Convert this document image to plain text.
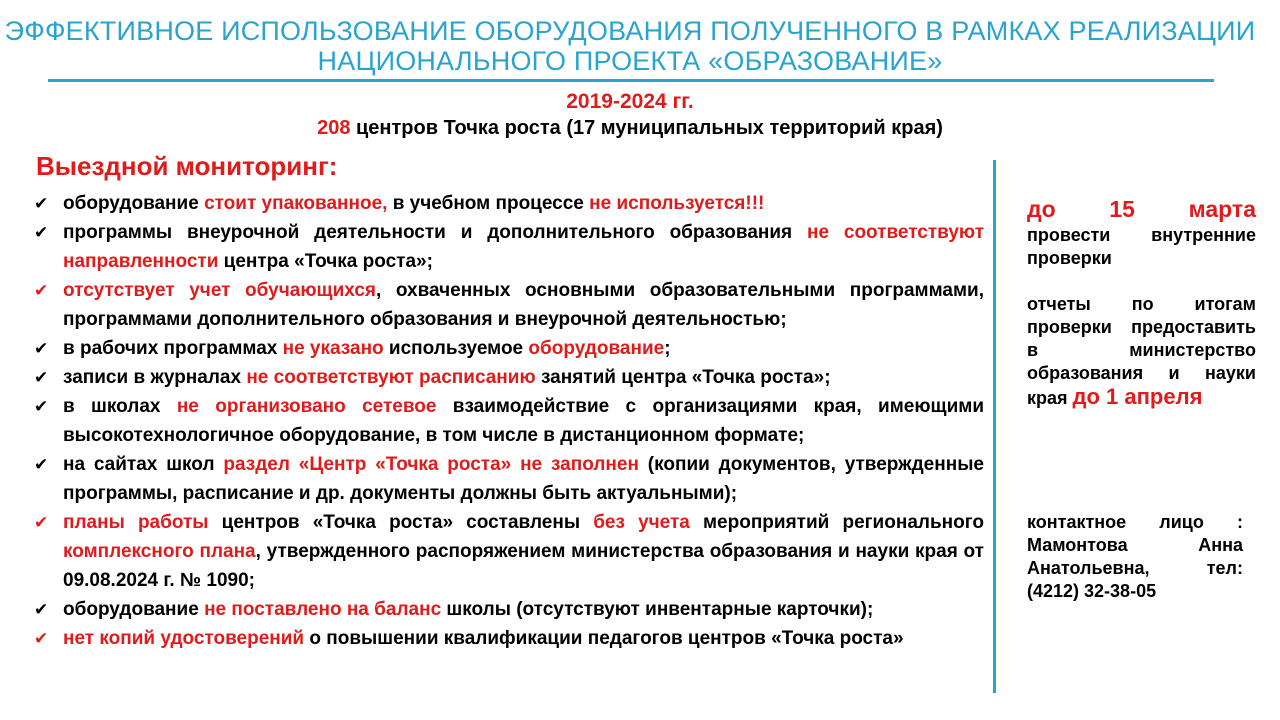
ЭФФЕКТИВНОЕ ИСПОЛЬЗОВАНИЕ ОБОРУДОВАНИЯ ПОЛУЧЕННОГО В РАМКАХ РЕАЛИЗАЦИИ НАЦИОНАЛЬНОГО ПРОЕКТА «ОБРАЗОВАНИЕ»
2019-2024 гг.
208 центров Точка роста (17 муниципальных территорий края)
Выездной мониторинг:
✔ оборудование стоит упакованное, в учебном процессе не используется!!!
✔ программы внеурочной деятельности и дополнительного образования не соответствуют направленности центра «Точка роста»;
✔ отсутствует учет обучающихся, охваченных основными образовательными программами, программами дополнительного образования и внеурочной деятельностью;
✔ в рабочих программах не указано используемое оборудование;
✔ записи в журналах не соответствуют расписанию занятий центра «Точка роста»;
✔ в школах не организовано сетевое взаимодействие с организациями края, имеющими высокотехнологичное оборудование, в том числе в дистанционном формате;
✔ на сайтах школ раздел «Центр «Точка роста» не заполнен (копии документов, утвержденные программы, расписание и др. документы должны быть актуальными);
✔ планы работы центров «Точка роста» составлены без учета мероприятий регионального комплексного плана, утвержденного распоряжением министерства образования и науки края от 09.08.2024 г. № 1090;
✔ оборудование не поставлено на баланс школы (отсутствуют инвентарные карточки);
✔ нет копий удостоверений о повышении квалификации педагогов центров «Точка роста»
до 15 марта
провести внутренние проверки
отчеты по итогам проверки предоставить в министерство образования и науки края до 1 апреля
контактное лицо : Мамонтова Анна Анатольевна, тел: (4212) 32-38-05
